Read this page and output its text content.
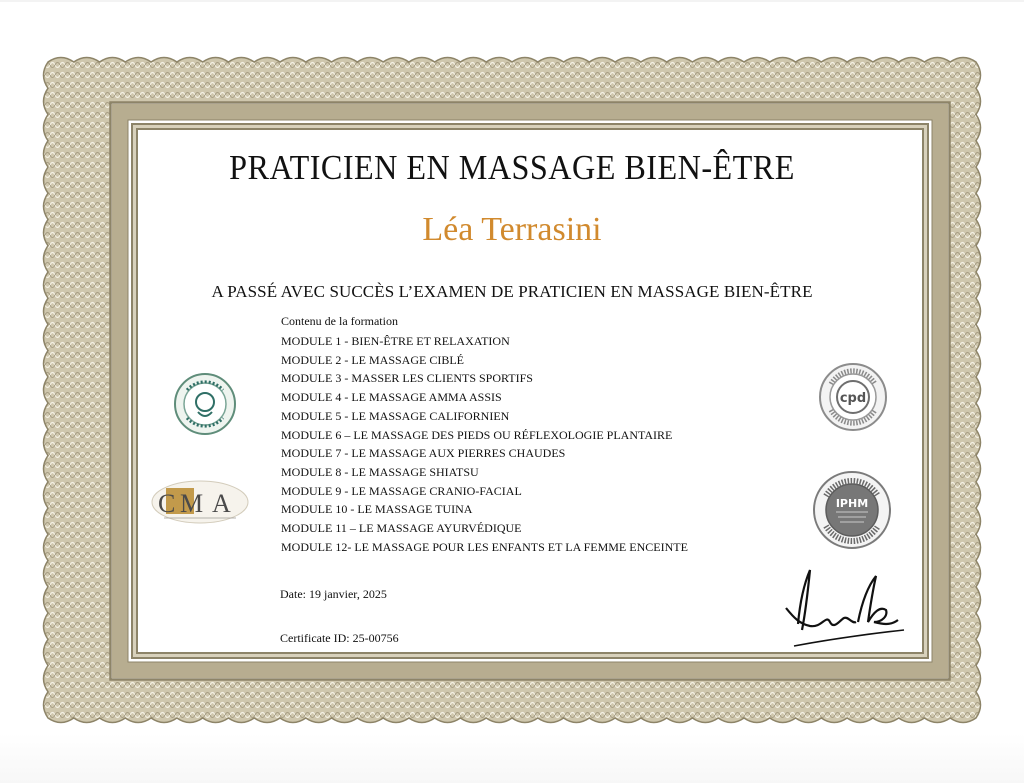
PRATICIEN EN MASSAGE BIEN-ÊTRE
Léa Terrasini
A PASSÉ AVEC SUCCÈS L’EXAMEN DE PRATICIEN EN MASSAGE BIEN-ÊTRE
Contenu de la formation
MODULE 1 - BIEN-ÊTRE ET RELAXATION
MODULE 2 - LE MASSAGE CIBLÉ
MODULE 3 - MASSER LES CLIENTS SPORTIFS
MODULE 4 - LE MASSAGE AMMA ASSIS
MODULE 5 - LE MASSAGE CALIFORNIEN
MODULE 6 – LE MASSAGE DES PIEDS OU RÉFLEXOLOGIE PLANTAIRE
MODULE 7 - LE MASSAGE AUX PIERRES CHAUDES
MODULE 8 - LE MASSAGE SHIATSU
MODULE 9 - LE MASSAGE CRANIO-FACIAL
MODULE 10 - LE MASSAGE TUINA
MODULE 11 – LE MASSAGE AYURVÉDIQUE
MODULE 12- LE MASSAGE POUR LES ENFANTS ET LA FEMME ENCEINTE
Date: 19 janvier, 2025
Certificate ID: 25-00756
C M A
cpd
IPHM
